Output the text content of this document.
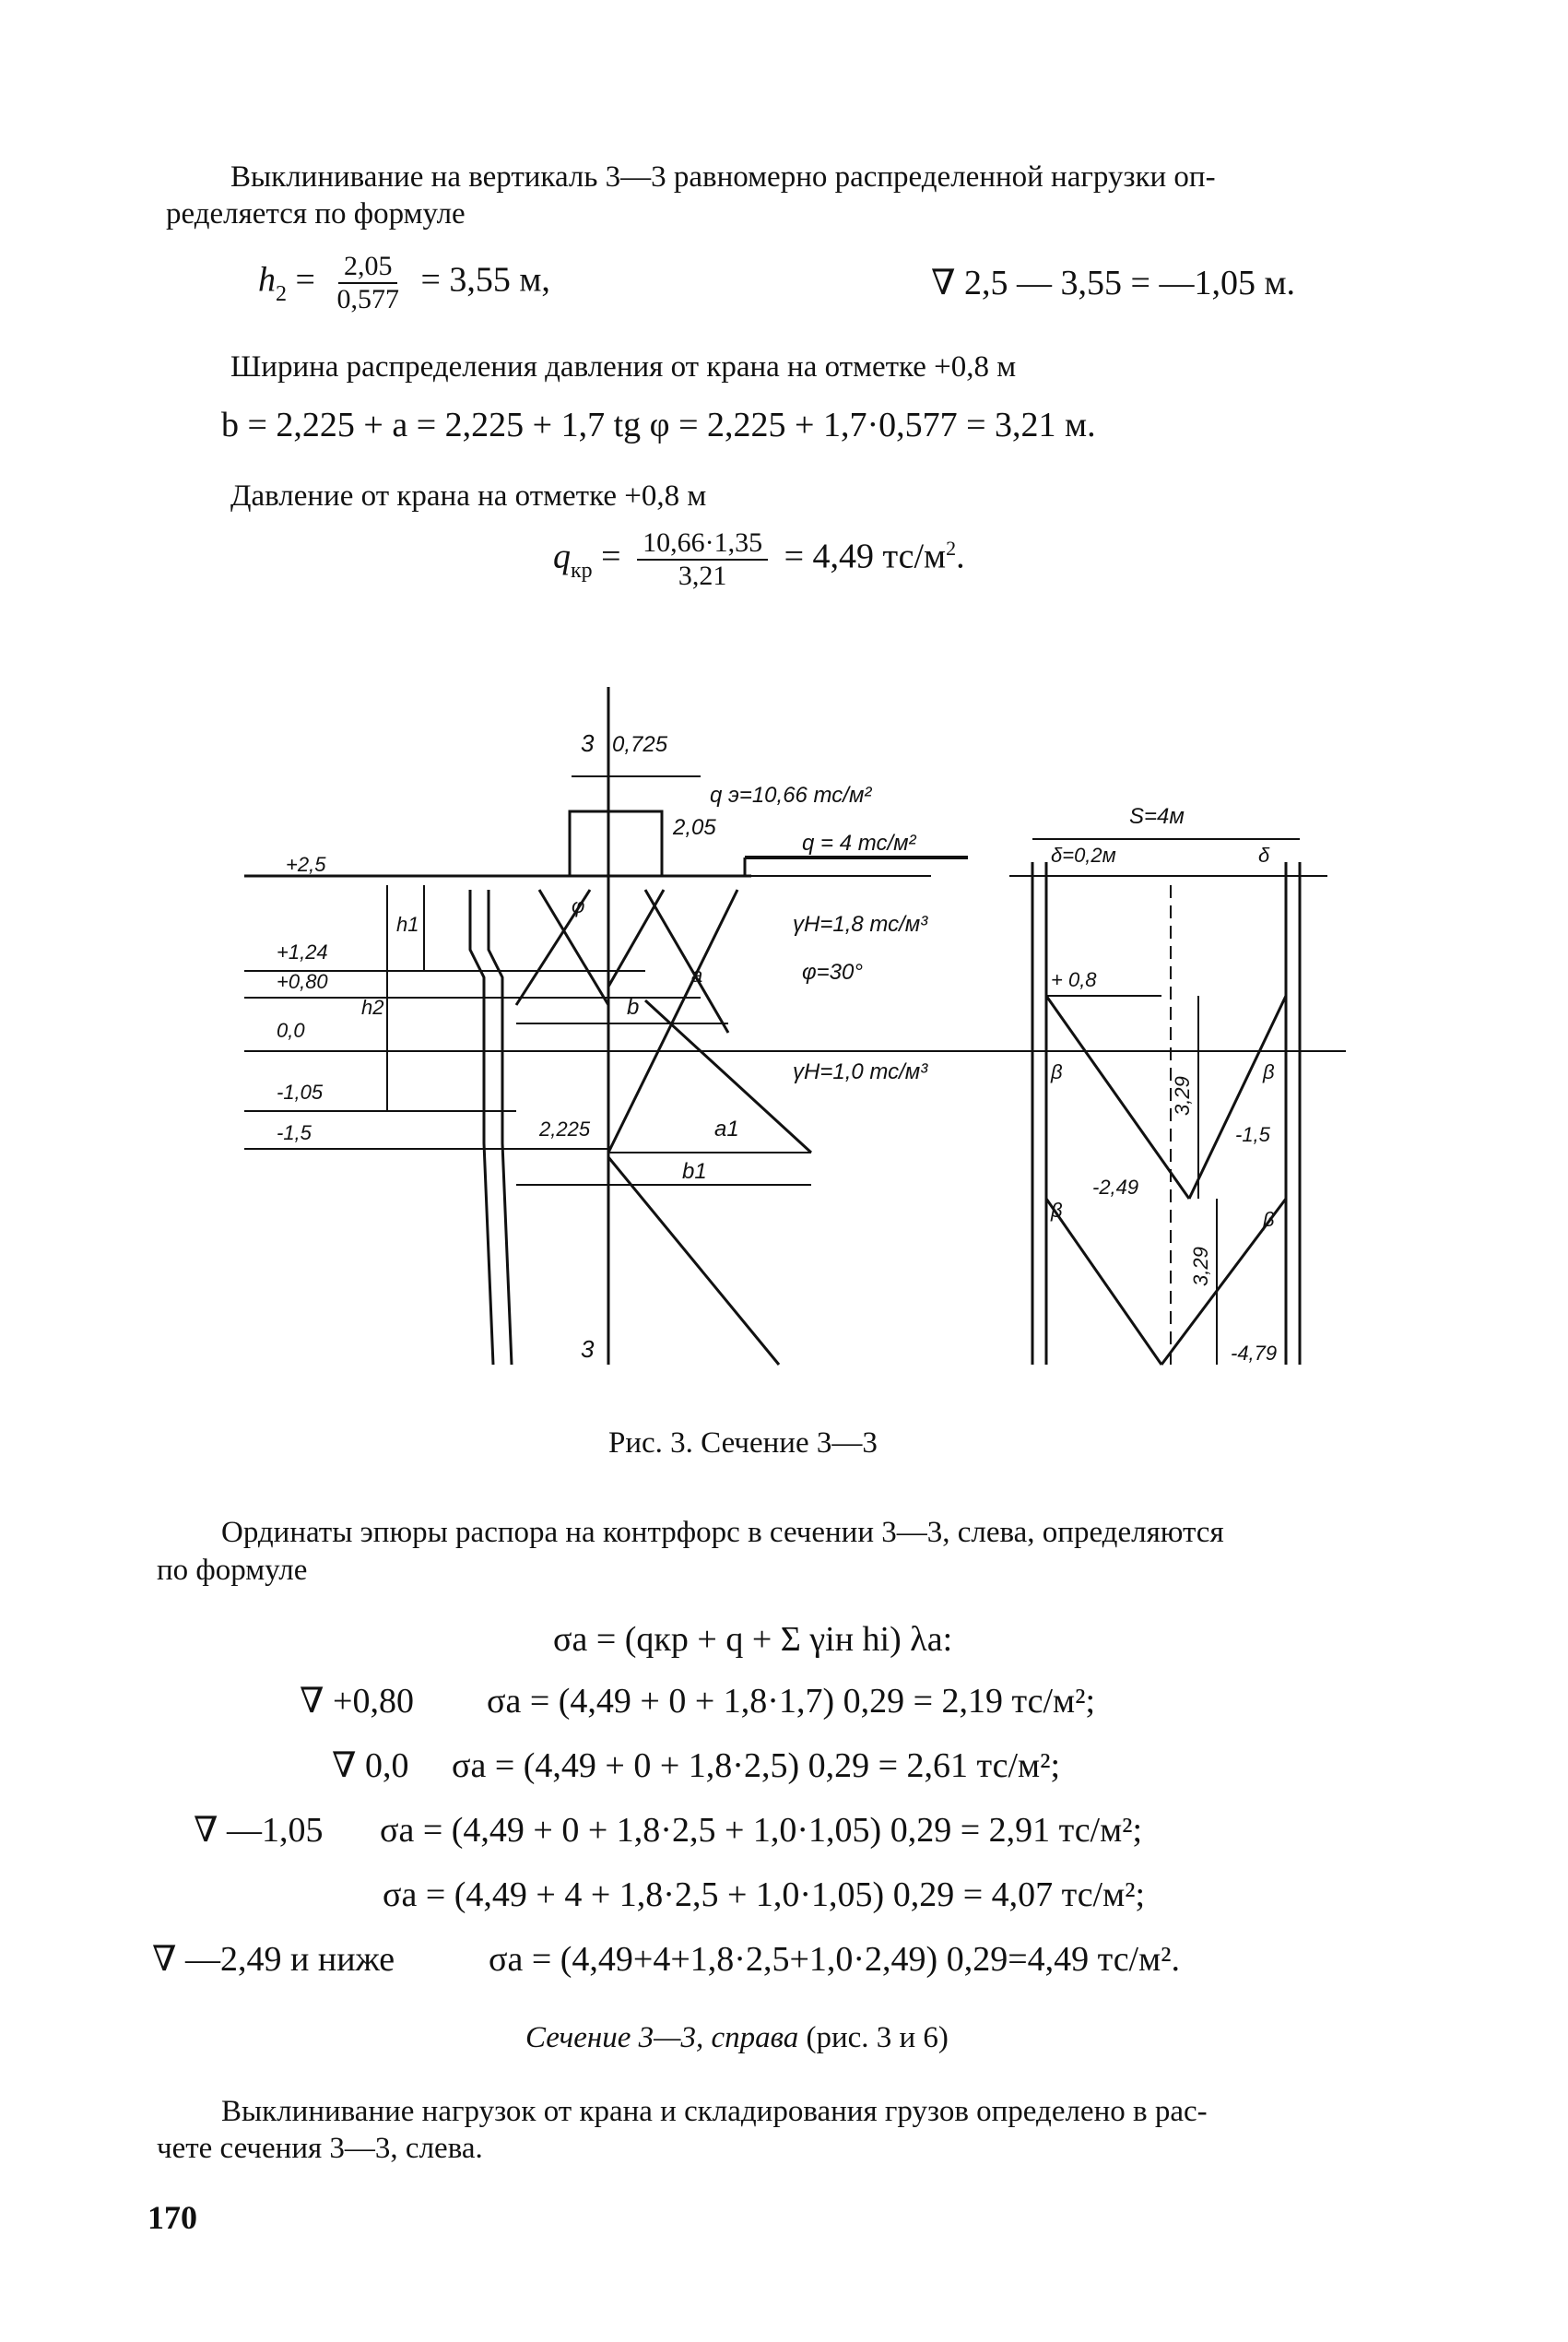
Выклинивание на вертикаль 3—3 равномерно распределенной нагрузки оп-
ределяется по формуле
$h_2 = \frac{2,05}{0,577} = 3,55$ м,	∇ 2,5 — 3,55 = —1,05 м.
Ширина распределения давления от крана на отметке +0,8 м
b = 2,225 + a = 2,225 + 1,7 tg φ = 2,225 + 1,7·0,577 = 3,21 м.
Давление от крана на отметке +0,8 м
$q_{кр} = \frac{10,66\cdot 1,35}{3,21} = 4,49$ $тс/м^2$.
3
3
0,725
q э=10,66 тс/м²
2,05
q = 4 тс/м²
+2,5
+1,24
+0,80
0,0
-1,05
-1,5
h1
h2
φ
a
b
2,225	a1
b1
γH=1,8 тс/м³
φ=30°
γH=1,0 тс/м³
S=4м
δ=0,2м	δ
+ 0,8
β	β
β	β
3,29
3,29
-1,5
-2,49
-4,79
Рис. 3. Сечение 3—3
Ординаты эпюры распора на контрфорс в сечении 3—3, слева, определяются
по формуле
σa = (qкр + q + Σ γiн hi) λa:
∇ +0,80	σa = (4,49 + 0 + 1,8·1,7) 0,29 = 2,19 тс/м²;
∇ 0,0	σa = (4,49 + 0 + 1,8·2,5) 0,29 = 2,61 тс/м²;
∇ —1,05	σa = (4,49 + 0 + 1,8·2,5 + 1,0·1,05) 0,29 = 2,91 тс/м²;
σa = (4,49 + 4 + 1,8·2,5 + 1,0·1,05) 0,29 = 4,07 тс/м²;
∇ —2,49 и ниже	σa = (4,49+4+1,8·2,5+1,0·2,49) 0,29=4,49 тс/м².
Сечение 3—3, справа (рис. 3 и 6)
Выклинивание нагрузок от крана и складирования грузов определено в рас-
чете сечения 3—3, слева.
170
